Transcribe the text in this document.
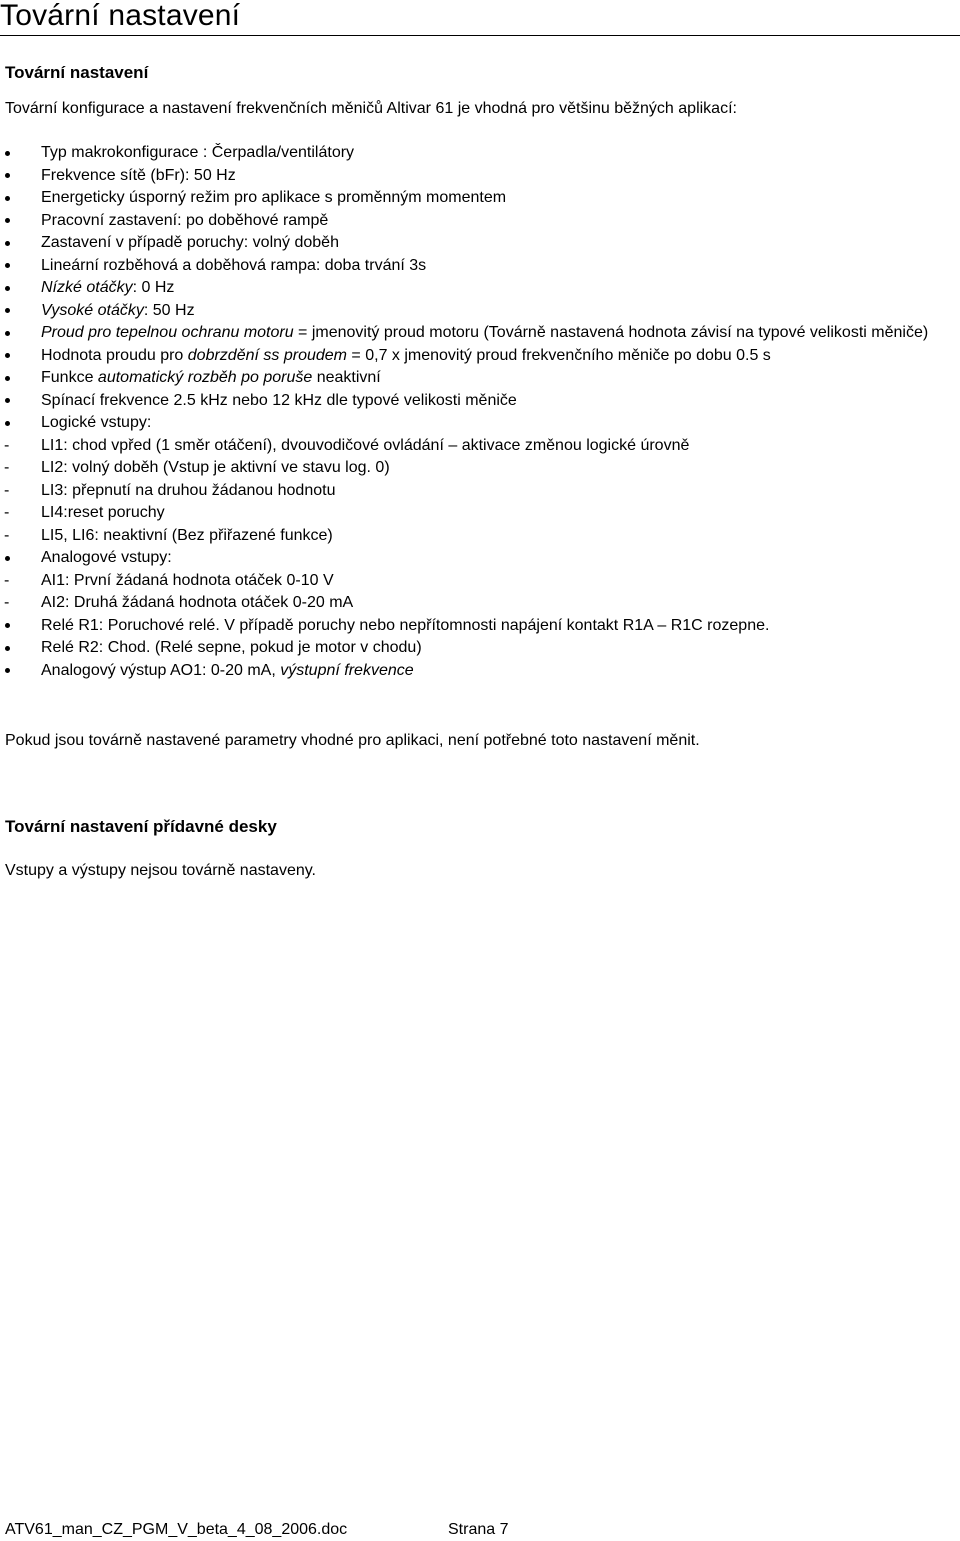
Tovární nastavení
Tovární nastavení

Tovární konfigurace a nastavení frekvenčních měničů Altivar 61 je vhodná pro většinu běžných aplikací:

Typ makrokonfigurace : Čerpadla/ventilátory
Frekvence sítě (bFr): 50 Hz
Energeticky úsporný režim pro aplikace s proměnným momentem
Pracovní zastavení: po doběhové rampě
Zastavení v případě poruchy: volný doběh
Lineární rozběhová a doběhová rampa: doba trvání 3s
Nízké otáčky: 0 Hz
Vysoké otáčky: 50 Hz
Proud pro tepelnou ochranu motoru = jmenovitý proud motoru (Továrně nastavená hodnota závisí na typové velikosti měniče)
Hodnota proudu pro dobrzdění ss proudem = 0,7 x jmenovitý proud frekvenčního měniče po dobu 0.5 s
Funkce automatický rozběh po poruše neaktivní
Spínací frekvence 2.5 kHz nebo 12 kHz dle typové velikosti měniče
Logické vstupy:
-	LI1: chod vpřed (1 směr otáčení), dvouvodičové ovládání – aktivace změnou logické úrovně
-	LI2: volný doběh (Vstup je aktivní ve stavu log. 0)
-	LI3: přepnutí na druhou žádanou hodnotu
-	LI4:reset poruchy
-	LI5, LI6: neaktivní (Bez přiřazené funkce)
Analogové vstupy:
-	AI1: První žádaná hodnota otáček 0-10 V
-	AI2: Druhá žádaná hodnota otáček 0-20 mA
Relé R1: Poruchové relé. V případě poruchy nebo nepřítomnosti napájení kontakt R1A – R1C rozepne.
Relé R2: Chod. (Relé sepne, pokud je motor v chodu)
Analogový výstup AO1: 0-20 mA, výstupní frekvence

Pokud jsou továrně nastavené parametry vhodné pro aplikaci, není potřebné toto nastavení měnit.

Tovární nastavení přídavné desky

Vstupy a výstupy nejsou továrně nastaveny.

ATV61_man_CZ_PGM_V_beta_4_08_2006.doc	Strana 7
